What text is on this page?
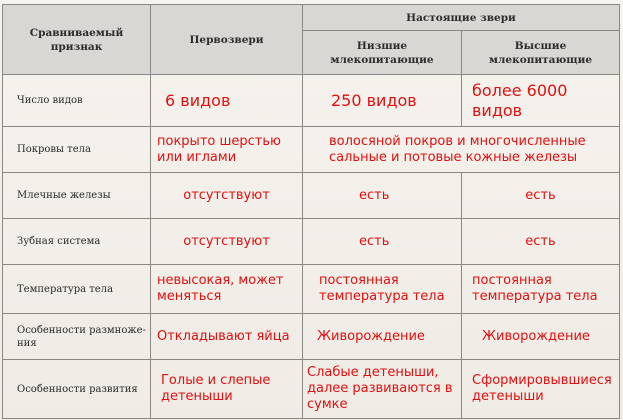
Сравниваемый признак	Первозвери	Настоящие звери	
		Низшие млекопитающие	Высшие млекопитающие
Число видов	6 видов	250 видов	более 6000 видов
Покровы тела	покрыто шерстью или иглами	волосяной покров и многочисленные сальные и потовые кожные железы	
Млечные железы	отсутствуют	есть	есть
Зубная система	отсутствуют	есть	есть
Температура тела	невысокая, может меняться	постоянная температура тела	постоянная температура тела
Особенности размножения	Откладывают яйца	Живорождение	Живорождение
Особенности развития	Голые и слепые детеныши	Слабые детеныши, далее развиваются в сумке	Сформировывшиеся детеныши
